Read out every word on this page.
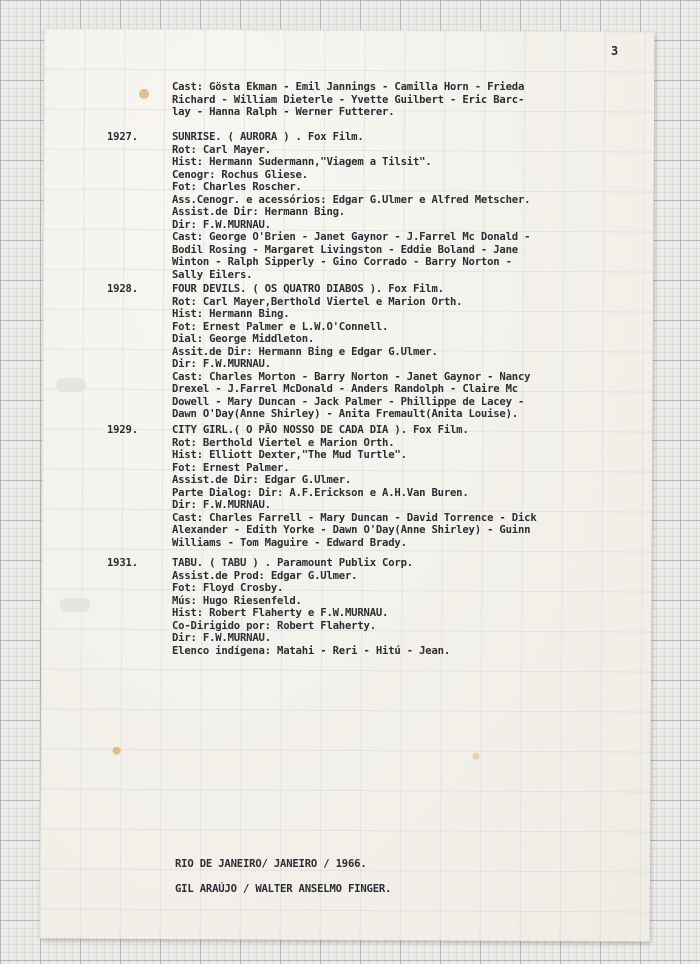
3
Cast: Gösta Ekman - Emil Jannings - Camilla Horn - Frieda
Richard - William Dieterle - Yvette Guilbert - Eric Barc-
lay - Hanna Ralph - Werner Futterer.
1927.	SUNRISE. ( AURORA ) . Fox Film.
Rot: Carl Mayer.
Hist: Hermann Sudermann,"Viagem a Tilsit".
Cenogr: Rochus Gliese.
Fot: Charles Roscher.
Ass.Cenogr. e acessórios: Edgar G.Ulmer e Alfred Metscher.
Assist.de Dir: Hermann Bing.
Dir: F.W.MURNAU.
Cast: George O'Brien - Janet Gaynor - J.Farrel Mc Donald -
Bodil Rosing - Margaret Livingston - Eddie Boland - Jane
Winton - Ralph Sipperly - Gino Corrado - Barry Norton -
Sally Eilers.
1928.	FOUR DEVILS. ( OS QUATRO DIABOS ). Fox Film.
Rot: Carl Mayer,Berthold Viertel e Marion Orth.
Hist: Hermann Bing.
Fot: Ernest Palmer e L.W.O'Connell.
Dial: George Middleton.
Assit.de Dir: Hermann Bing e Edgar G.Ulmer.
Dir: F.W.MURNAU.
Cast: Charles Morton - Barry Norton - Janet Gaynor - Nancy
Drexel - J.Farrel McDonald - Anders Randolph - Claire Mc
Dowell - Mary Duncan - Jack Palmer - Phillippe de Lacey -
Dawn O'Day(Anne Shirley) - Anita Fremault(Anita Louise).
1929.	CITY GIRL.( O PÃO NOSSO DE CADA DIA ). Fox Film.
Rot: Berthold Viertel e Marion Orth.
Hist: Elliott Dexter,"The Mud Turtle".
Fot: Ernest Palmer.
Assist.de Dir: Edgar G.Ulmer.
Parte Dialog: Dir: A.F.Erickson e A.H.Van Buren.
Dir: F.W.MURNAU.
Cast: Charles Farrell - Mary Duncan - David Torrence - Dick
Alexander - Edith Yorke - Dawn O'Day(Anne Shirley) - Guinn
Williams - Tom Maguire - Edward Brady.
1931.	TABU. ( TABU ) . Paramount Publix Corp.
Assist.de Prod: Edgar G.Ulmer.
Fot: Floyd Crosby.
Mús: Hugo Riesenfeld.
Hist: Robert Flaherty e F.W.MURNAU.
Co-Dirigido por: Robert Flaherty.
Dir: F.W.MURNAU.
Elenco indígena: Matahi - Reri - Hitú - Jean.
RIO DE JANEIRO/ JANEIRO / 1966.
GIL ARAÚJO / WALTER ANSELMO FINGER.
